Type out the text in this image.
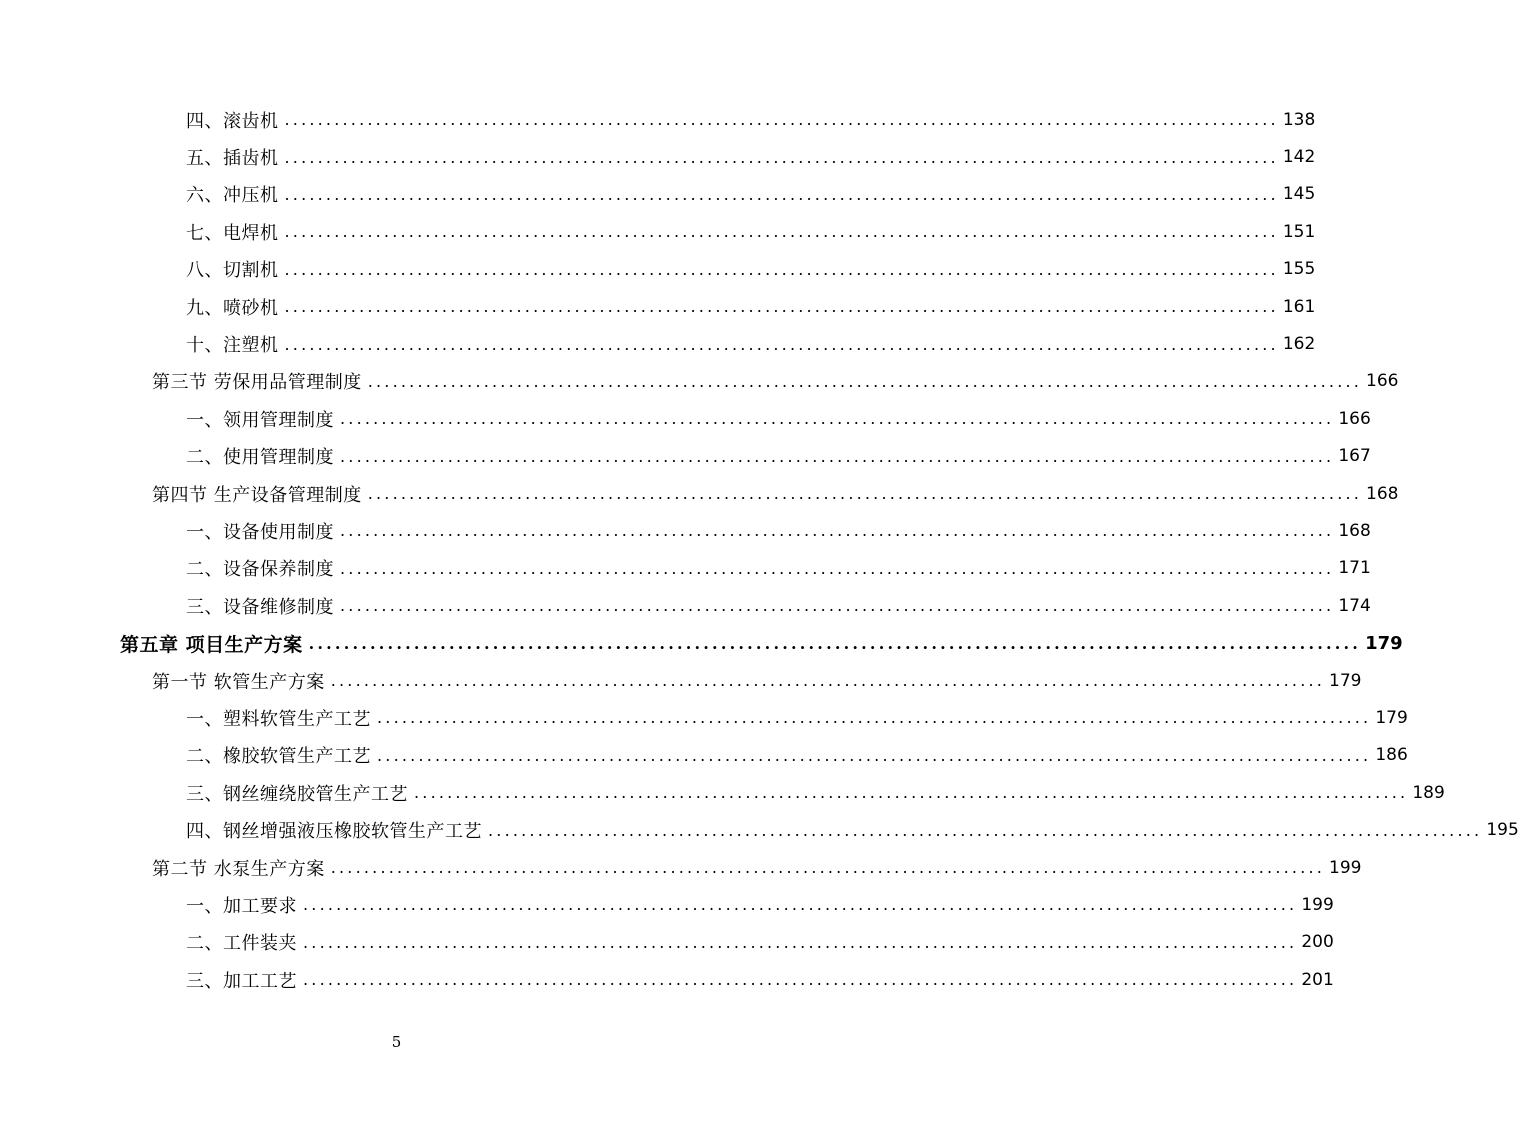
四、滚齿机 ........................................................................................................................ 138
五、插齿机 ........................................................................................................................ 142
六、冲压机 ........................................................................................................................ 145
七、电焊机 ........................................................................................................................ 151
八、切割机 ........................................................................................................................ 155
九、喷砂机 ........................................................................................................................ 161
十、注塑机 ........................................................................................................................ 162
第三节 劳保用品管理制度 ........................................................................................................................ 166
一、领用管理制度 ........................................................................................................................ 166
二、使用管理制度 ........................................................................................................................ 167
第四节 生产设备管理制度 ........................................................................................................................ 168
一、设备使用制度 ........................................................................................................................ 168
二、设备保养制度 ........................................................................................................................ 171
三、设备维修制度 ........................................................................................................................ 174
第五章 项目生产方案 ........................................................................................................................ 179
第一节 软管生产方案 ........................................................................................................................ 179
一、塑料软管生产工艺 ........................................................................................................................ 179
二、橡胶软管生产工艺 ........................................................................................................................ 186
三、钢丝缠绕胶管生产工艺 ........................................................................................................................ 189
四、钢丝增强液压橡胶软管生产工艺 ........................................................................................................................ 195
第二节 水泵生产方案 ........................................................................................................................ 199
一、加工要求 ........................................................................................................................ 199
二、工件装夹 ........................................................................................................................ 200
三、加工工艺 ........................................................................................................................ 201
5
